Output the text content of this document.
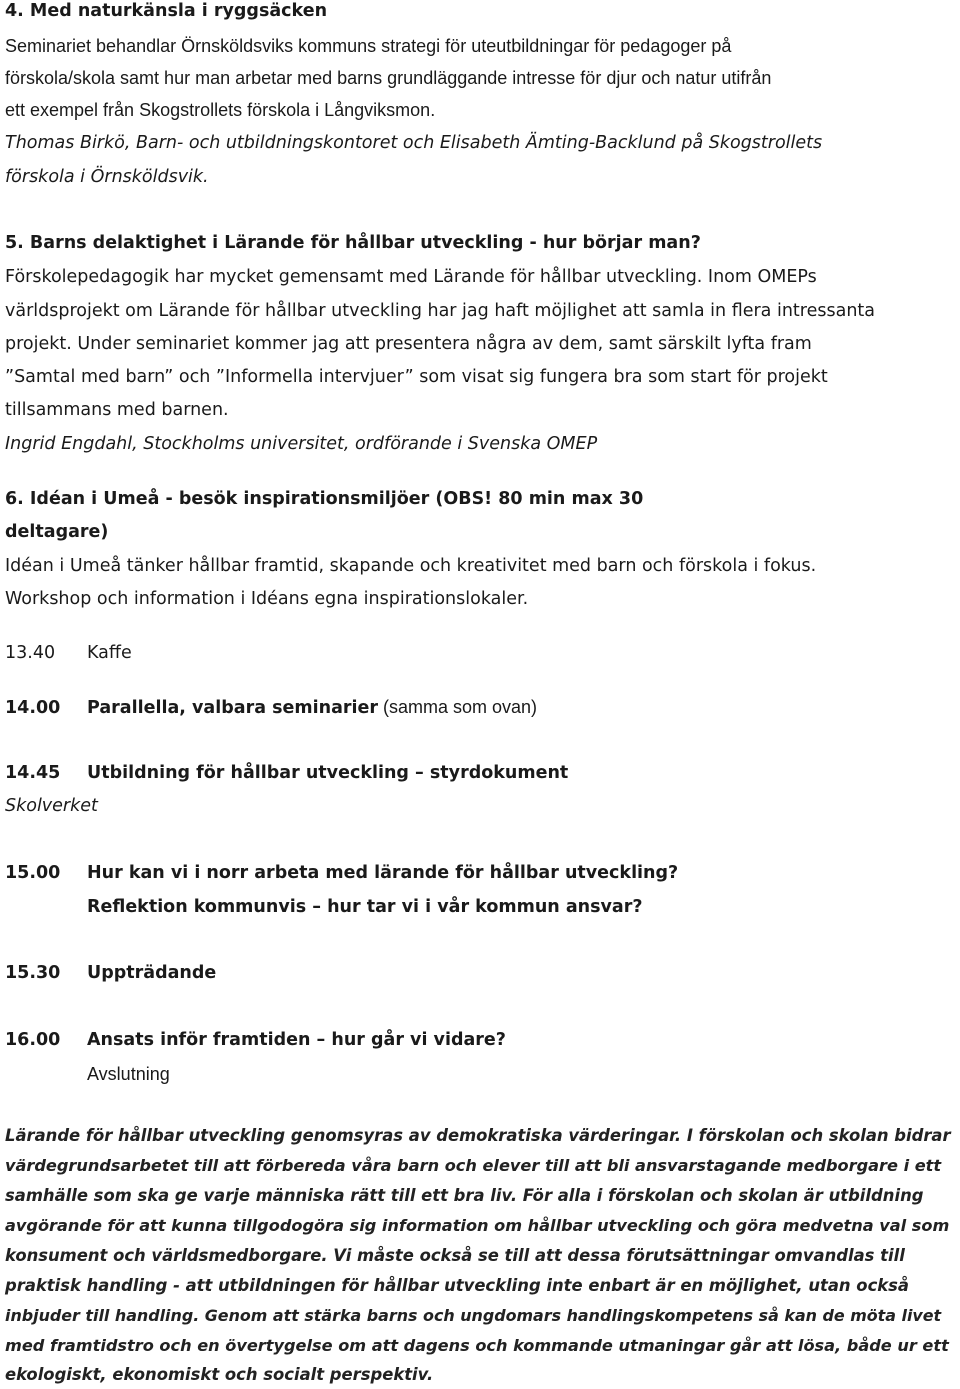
4. Med naturkänsla i ryggsäcken
Seminariet behandlar Örnsköldsviks kommuns strategi för uteutbildningar för pedagoger på
förskola/skola samt hur man arbetar med barns grundläggande intresse för djur och natur utifrån
ett exempel från Skogstrollets förskola i Långviksmon.
Thomas Birkö, Barn- och utbildningskontoret och Elisabeth Ämting-Backlund på Skogstrollets
förskola i Örnsköldsvik.
5. Barns delaktighet i Lärande för hållbar utveckling - hur börjar man?
Förskolepedagogik har mycket gemensamt med Lärande för hållbar utveckling. Inom OMEPs
världsprojekt om Lärande för hållbar utveckling har jag haft möjlighet att samla in flera intressanta
projekt. Under seminariet kommer jag att presentera några av dem, samt särskilt lyfta fram
”Samtal med barn” och ”Informella intervjuer” som visat sig fungera bra som start för projekt
tillsammans med barnen.
Ingrid Engdahl, Stockholms universitet, ordförande i Svenska OMEP
6. Idéan i Umeå - besök inspirationsmiljöer (OBS! 80 min max 30
deltagare)
Idéan i Umeå tänker hållbar framtid, skapande och kreativitet med barn och förskola i fokus.
Workshop och information i Idéans egna inspirationslokaler.
13.40 Kaffe
14.00 Parallella, valbara seminarier (samma som ovan)
14.45 Utbildning för hållbar utveckling – styrdokument
Skolverket
15.00 Hur kan vi i norr arbeta med lärande för hållbar utveckling?
Reflektion kommunvis – hur tar vi i vår kommun ansvar?
15.30 Uppträdande
16.00 Ansats inför framtiden – hur går vi vidare?
Avslutning
Lärande för hållbar utveckling genomsyras av demokratiska värderingar. I förskolan och skolan bidrar
värdegrundsarbetet till att förbereda våra barn och elever till att bli ansvarstagande medborgare i ett
samhälle som ska ge varje människa rätt till ett bra liv. För alla i förskolan och skolan är utbildning
avgörande för att kunna tillgodogöra sig information om hållbar utveckling och göra medvetna val som
konsument och världsmedborgare. Vi måste också se till att dessa förutsättningar omvandlas till
praktisk handling - att utbildningen för hållbar utveckling inte enbart är en möjlighet, utan också
inbjuder till handling. Genom att stärka barns och ungdomars handlingskompetens så kan de möta livet
med framtidstro och en övertygelse om att dagens och kommande utmaningar går att lösa, både ur ett
ekologiskt, ekonomiskt och socialt perspektiv.
